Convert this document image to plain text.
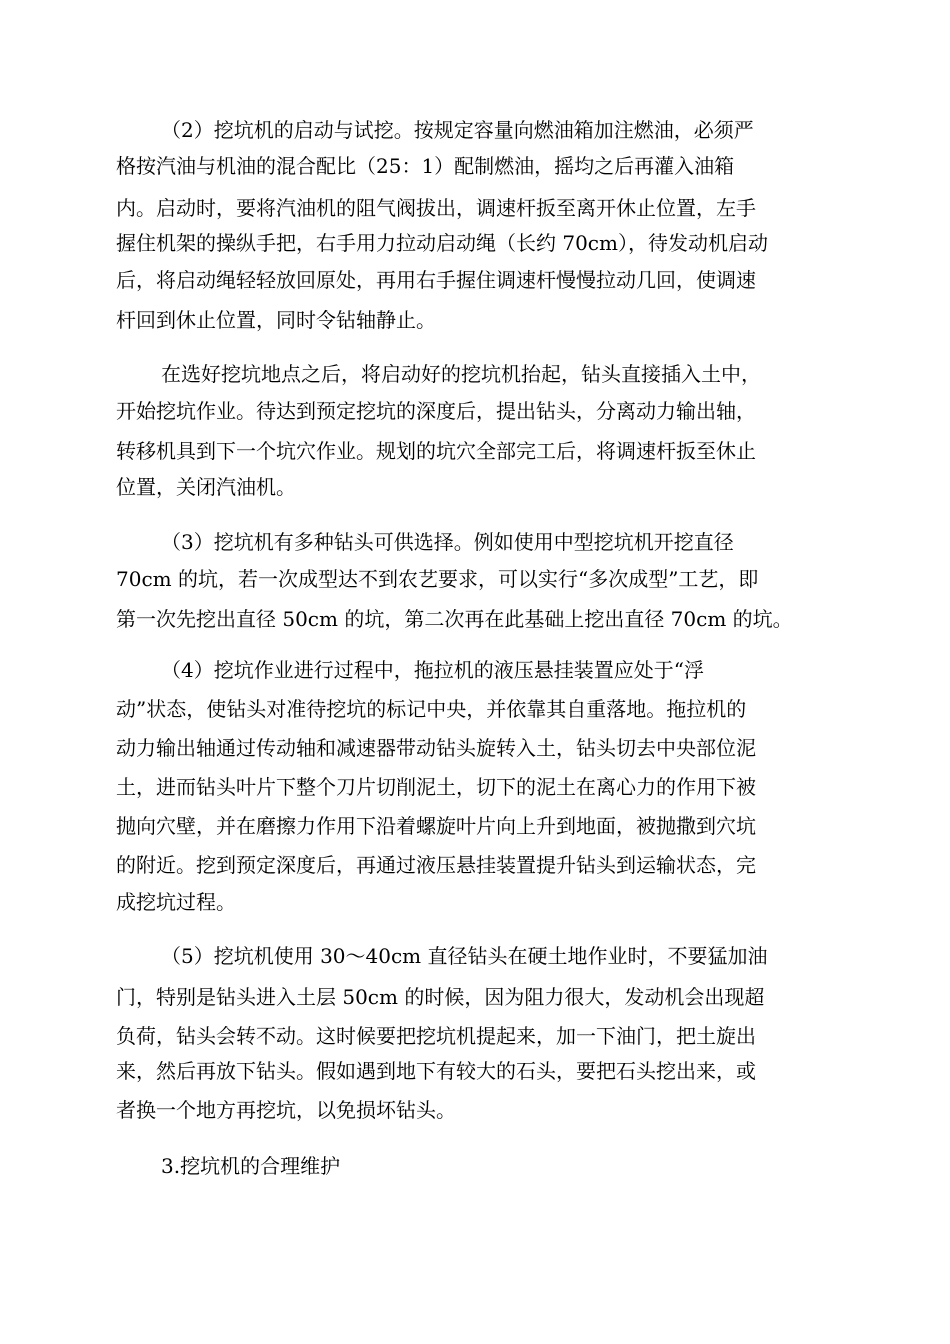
（2）挖坑机的启动与试挖。按规定容量向燃油箱加注燃油，必须严
格按汽油与机油的混合配比（25：1）配制燃油，摇均之后再灌入油箱
内。启动时，要将汽油机的阻气阀拔出，调速杆扳至离开休止位置，左手
握住机架的操纵手把，右手用力拉动启动绳（长约 70cm），待发动机启动
后，将启动绳轻轻放回原处，再用右手握住调速杆慢慢拉动几回，使调速
杆回到休止位置，同时令钻轴静止。
在选好挖坑地点之后，将启动好的挖坑机抬起，钻头直接插入土中，
开始挖坑作业。待达到预定挖坑的深度后，提出钻头，分离动力输出轴，
转移机具到下一个坑穴作业。规划的坑穴全部完工后，将调速杆扳至休止
位置，关闭汽油机。
（3）挖坑机有多种钻头可供选择。例如使用中型挖坑机开挖直径
70cm 的坑，若一次成型达不到农艺要求，可以实行“多次成型”工艺，即
第一次先挖出直径 50cm 的坑，第二次再在此基础上挖出直径 70cm 的坑。
（4）挖坑作业进行过程中，拖拉机的液压悬挂装置应处于“浮
动”状态，使钻头对准待挖坑的标记中央，并依靠其自重落地。拖拉机的
动力输出轴通过传动轴和减速器带动钻头旋转入土，钻头切去中央部位泥
土，进而钻头叶片下整个刀片切削泥土，切下的泥土在离心力的作用下被
抛向穴壁，并在磨擦力作用下沿着螺旋叶片向上升到地面，被抛撒到穴坑
的附近。挖到预定深度后，再通过液压悬挂装置提升钻头到运输状态，完
成挖坑过程。
（5）挖坑机使用 30～40cm 直径钻头在硬土地作业时，不要猛加油
门，特别是钻头进入土层 50cm 的时候，因为阻力很大，发动机会出现超
负荷，钻头会转不动。这时候要把挖坑机提起来，加一下油门，把土旋出
来，然后再放下钻头。假如遇到地下有较大的石头，要把石头挖出来，或
者换一个地方再挖坑，以免损坏钻头。
3.挖坑机的合理维护
